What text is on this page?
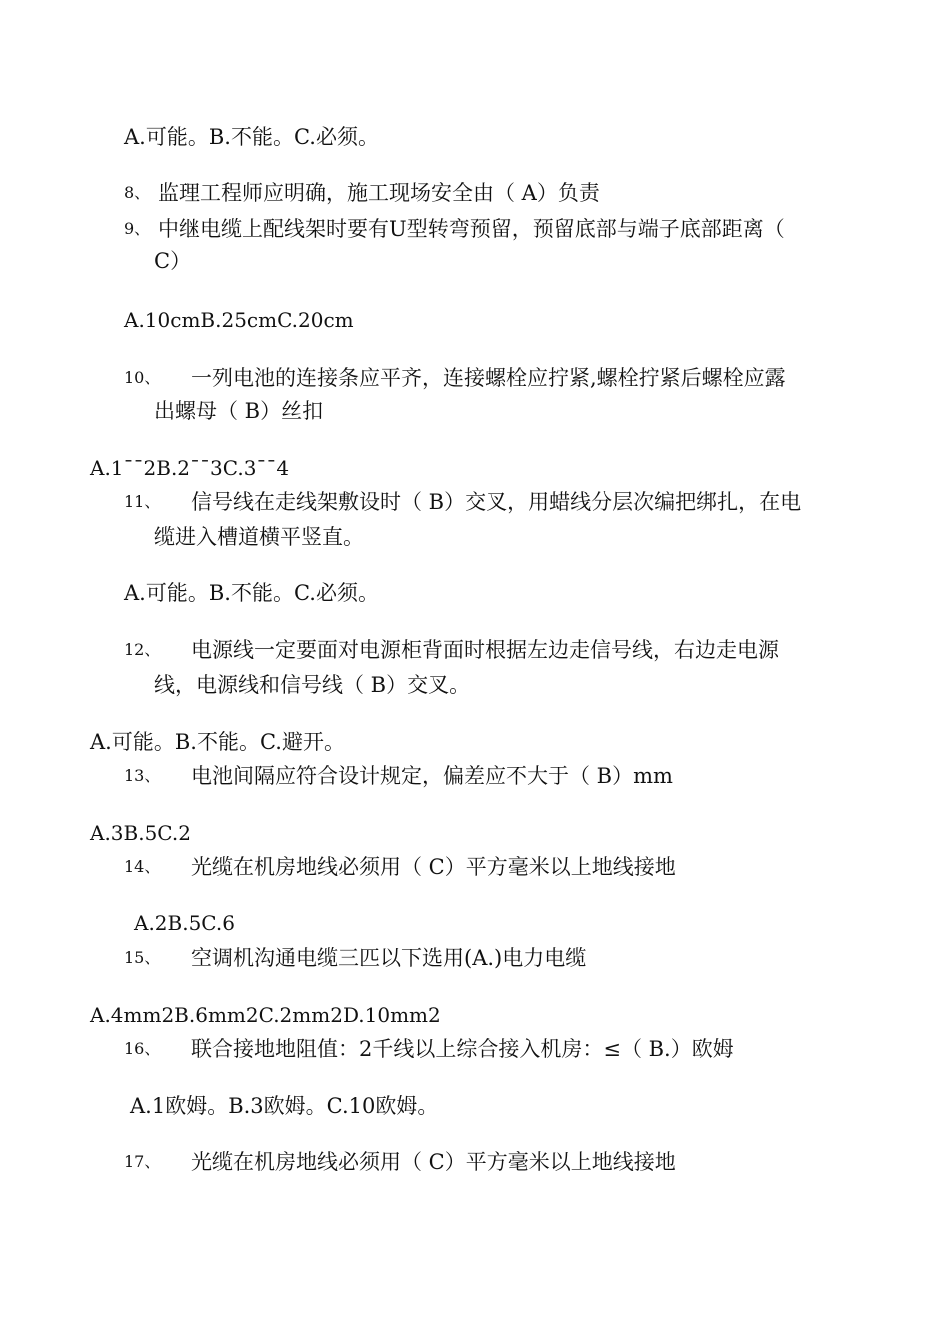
A.可能。B.不能。C.必须。
8、 监理工程师应明确，施工现场安全由（ A）负责
9、 中继电缆上配线架时要有U型转弯预留，预留底部与端子底部距离（
C）
A.10cmB.25cmC.20cm
10、 一列电池的连接条应平齐，连接螺栓应拧紧,螺栓拧紧后螺栓应露
出螺母（ B）丝扣
A.1¯¯2B.2¯¯3C.3¯¯4
11、 信号线在走线架敷设时（ B）交叉，用蜡线分层次编把绑扎，在电
缆进入槽道横平竖直。
A.可能。B.不能。C.必须。
12、 电源线一定要面对电源柜背面时根据左边走信号线，右边走电源
线，电源线和信号线（ B）交叉。
A.可能。B.不能。C.避开。
13、 电池间隔应符合设计规定，偏差应不大于（ B）mm
A.3B.5C.2
14、 光缆在机房地线必须用（ C）平方毫米以上地线接地
A.2B.5C.6
15、 空调机沟通电缆三匹以下选用(A.)电力电缆
A.4mm2B.6mm2C.2mm2D.10mm2
16、 联合接地地阻值：2千线以上综合接入机房：≤（ B.）欧姆
A.1欧姆。B.3欧姆。C.10欧姆。
17、 光缆在机房地线必须用（ C）平方毫米以上地线接地
